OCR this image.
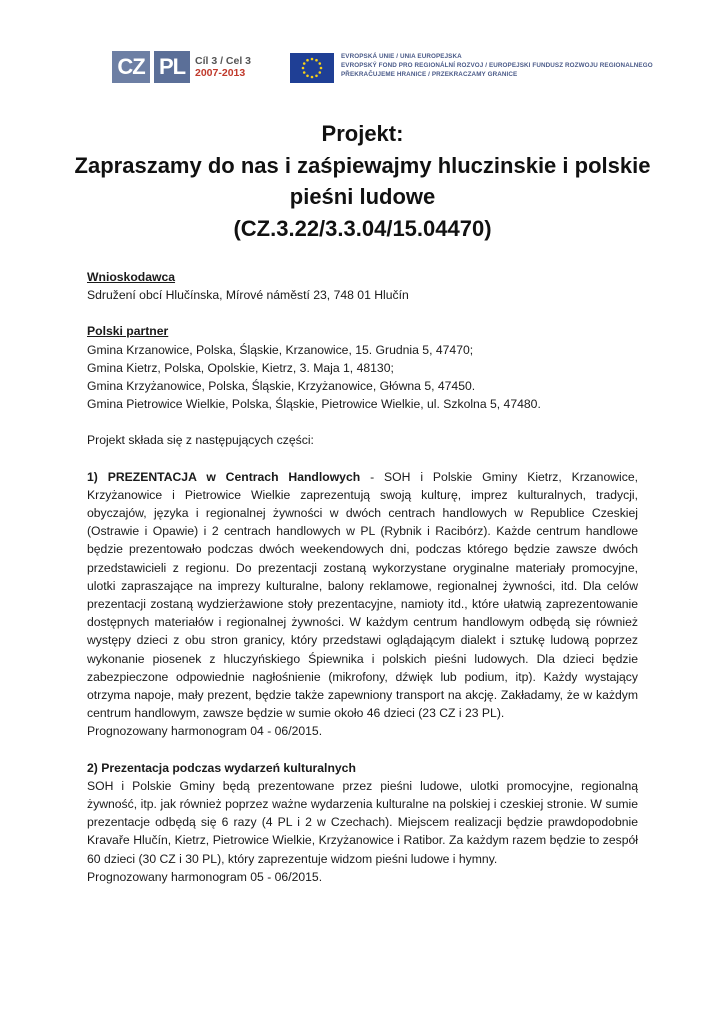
CZ PL Cíl 3 / Cel 3
2007-2013
EVROPSKÁ UNIE / UNIA EUROPEJSKA
EVROPSKÝ FOND PRO REGIONÁLNÍ ROZVOJ / EUROPEJSKI FUNDUSZ ROZWOJU REGIONALNEGO
PŘEKRAČUJEME HRANICE / PRZEKRACZAMY GRANICE
Projekt:
Zapraszamy do nas i zaśpiewajmy hluczinskie i polskie
pieśni ludowe
(CZ.3.22/3.3.04/15.04470)

Wnioskodawca

Sdružení obcí Hlučínska, Mírové náměstí 23, 748 01 Hlučín

Polski partner

Gmina Krzanowice, Polska, Śląskie, Krzanowice, 15. Grudnia 5, 47470;

Gmina Kietrz, Polska, Opolskie, Kietrz, 3. Maja 1, 48130;

Gmina Krzyżanowice, Polska, Śląskie, Krzyżanowice, Główna 5, 47450.

Gmina Pietrowice Wielkie, Polska, Śląskie, Pietrowice Wielkie, ul. Szkolna 5, 47480.

Projekt składa się z następujących części:

1) PREZENTACJA w Centrach Handlowych - SOH i Polskie Gminy Kietrz, Krzanowice, Krzyżanowice i Pietrowice Wielkie zaprezentują swoją kulturę, imprez kulturalnych, tradycji, obyczajów, języka i regionalnej żywności w dwóch centrach handlowych w Republice Czeskiej (Ostrawie i Opawie) i 2 centrach handlowych w PL (Rybnik i Racibórz). Każde centrum handlowe będzie prezentowało podczas dwóch weekendowych dni, podczas którego będzie zawsze dwóch przedstawicieli z regionu. Do prezentacji zostaną wykorzystane oryginalne materiały promocyjne, ulotki zapraszające na imprezy kulturalne, balony reklamowe, regionalnej żywności, itd. Dla celów prezentacji zostaną wydzierżawione stoły prezentacyjne, namioty itd., które ułatwią zaprezentowanie dostępnych materiałów i regionalnej żywności. W każdym centrum handlowym odbędą się również występy dzieci z obu stron granicy, który przedstawi oglądającym dialekt i sztukę ludową poprzez wykonanie piosenek z hluczyńskiego Śpiewnika i polskich pieśni ludowych. Dla dzieci będzie zabezpieczone odpowiednie nagłośnienie (mikrofony, dźwięk lub podium, itp). Każdy wystający otrzyma napoje, mały prezent, będzie także zapewniony transport na akcję. Zakładamy, że w każdym centrum handlowym, zawsze będzie w sumie około 46 dzieci (23 CZ i 23 PL).

Prognozowany harmonogram 04 - 06/2015.

2) Prezentacja podczas wydarzeń kulturalnych

SOH i Polskie Gminy będą prezentowane przez pieśni ludowe, ulotki promocyjne, regionalną żywność, itp. jak również poprzez ważne wydarzenia kulturalne na polskiej i czeskiej stronie. W sumie prezentacje odbędą się 6 razy (4 PL i 2 w Czechach). Miejscem realizacji będzie prawdopodobnie Kravaře Hlučín, Kietrz, Pietrowice Wielkie, Krzyżanowice i Ratibor. Za każdym razem będzie to zespół 60 dzieci (30 CZ i 30 PL), który zaprezentuje widzom pieśni ludowe i hymny.

Prognozowany harmonogram 05 - 06/2015.
